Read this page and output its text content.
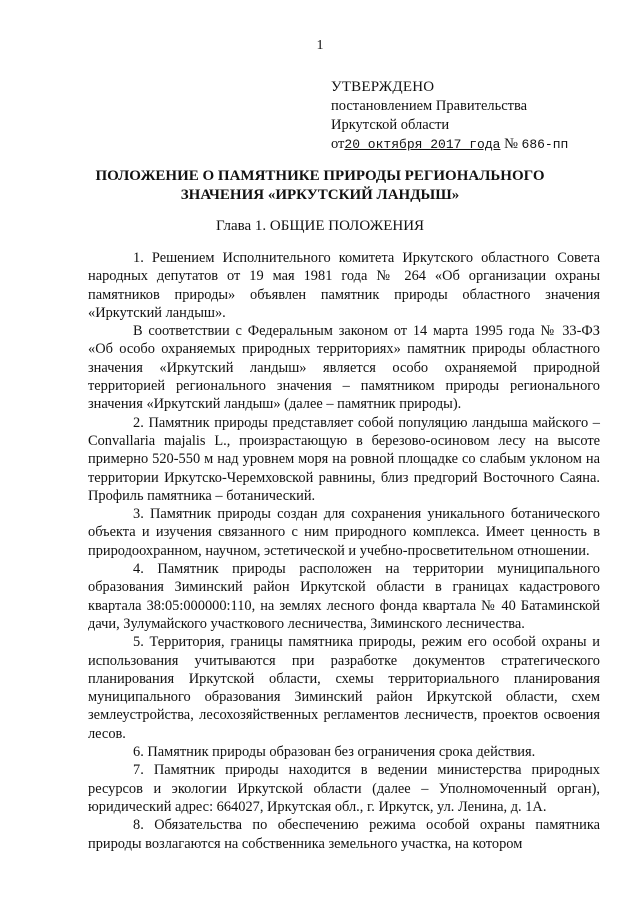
1
УТВЕРЖДЕНО
постановлением Правительства
Иркутской области
от20 октября 2017 года № 686-пп
ПОЛОЖЕНИЕ О ПАМЯТНИКЕ ПРИРОДЫ РЕГИОНАЛЬНОГО
ЗНАЧЕНИЯ «ИРКУТСКИЙ ЛАНДЫШ»
Глава 1. ОБЩИЕ ПОЛОЖЕНИЯ

1. Решением Исполнительного комитета Иркутского областного Совета народных депутатов от 19 мая 1981 года № 264 «Об организации охраны памятников природы» объявлен памятник природы областного значения «Иркутский ландыш».

В соответствии с Федеральным законом от 14 марта 1995 года № 33-ФЗ «Об особо охраняемых природных территориях» памятник природы областного значения «Иркутский ландыш» является особо охраняемой природной территорией регионального значения – памятником природы регионального значения «Иркутский ландыш» (далее – памятник природы).

2. Памятник природы представляет собой популяцию ландыша майского – Convallaria majalis L., произрастающую в березово-осиновом лесу на высоте примерно 520-550 м над уровнем моря на ровной площадке со слабым уклоном на территории Иркутско-Черемховской равнины, близ предгорий Восточного Саяна. Профиль памятника – ботанический.

3. Памятник природы создан для сохранения уникального ботанического объекта и изучения связанного с ним природного комплекса. Имеет ценность в природоохранном, научном, эстетической и учебно-просветительном отношении.

4. Памятник природы расположен на территории муниципального образования Зиминский район Иркутской области в границах кадастрового квартала 38:05:000000:110, на землях лесного фонда квартала № 40 Батаминской дачи, Зулумайского участкового лесничества, Зиминского лесничества.

5. Территория, границы памятника природы, режим его особой охраны и использования учитываются при разработке документов стратегического планирования Иркутской области, схемы территориального планирования муниципального образования Зиминский район Иркутской области, схем землеустройства, лесохозяйственных регламентов лесничеств, проектов освоения лесов.

6. Памятник природы образован без ограничения срока действия.

7. Памятник природы находится в ведении министерства природных ресурсов и экологии Иркутской области (далее – Уполномоченный орган), юридический адрес: 664027, Иркутская обл., г. Иркутск, ул. Ленина, д. 1А.

8. Обязательства по обеспечению режима особой охраны памятника природы возлагаются на собственника земельного участка, на котором
